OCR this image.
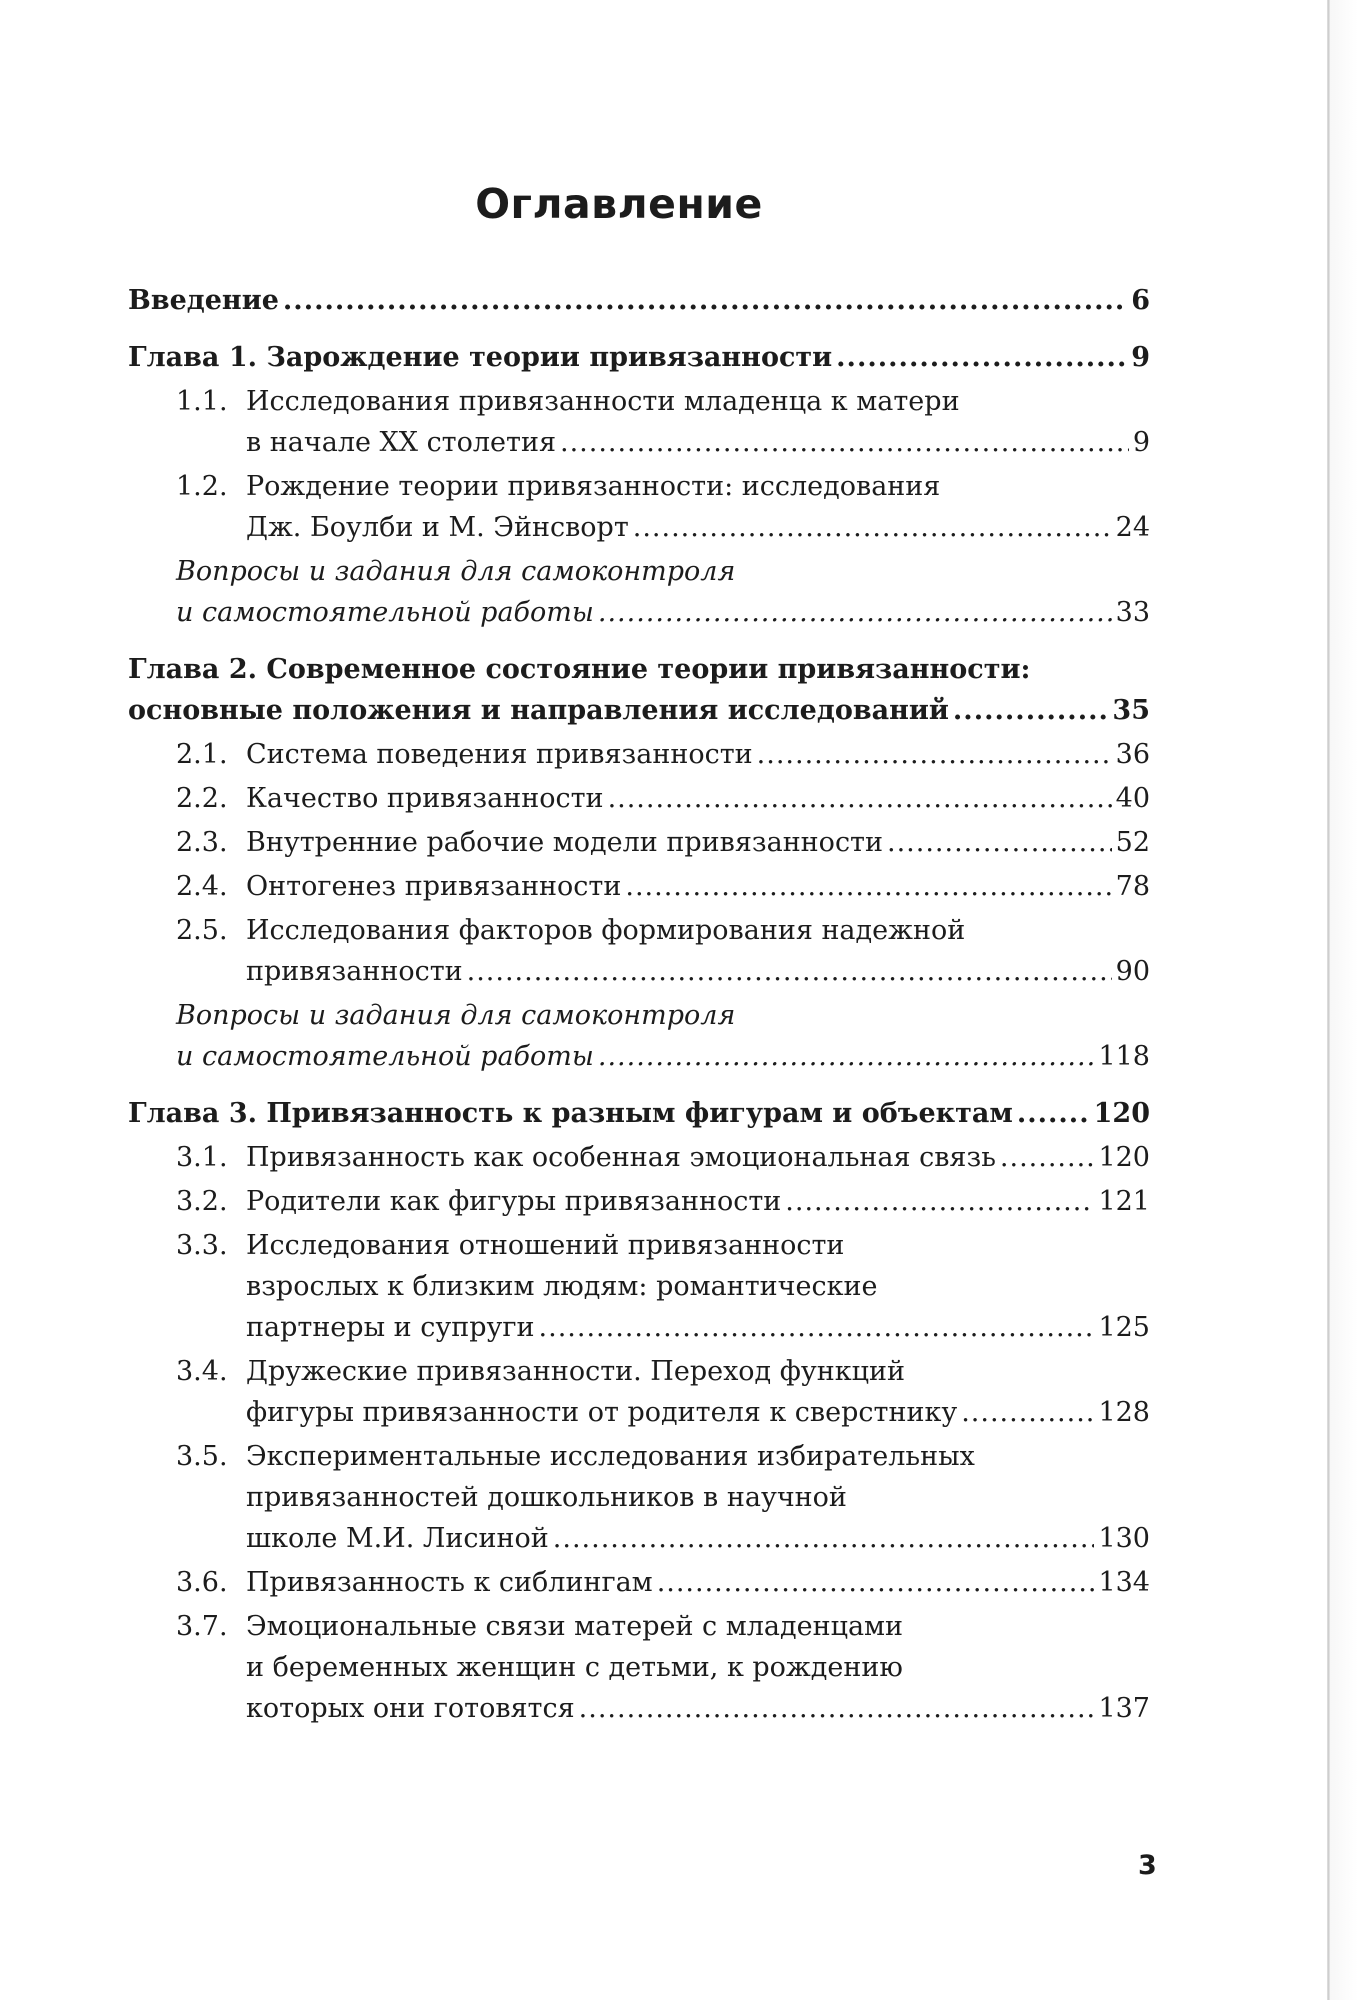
Оглавление
Введение .....	6
Глава 1. Зарождение теории привязанности .....	9
1.1. Исследования привязанности младенца к матери
в начале XX столетия .....	9
1.2. Рождение теории привязанности: исследования
Дж. Боулби и М. Эйнсворт .....	24
Вопросы и задания для самоконтроля
и самостоятельной работы .....	33
Глава 2. Современное состояние теории привязанности:
основные положения и направления исследований .....	35
2.1. Система поведения привязанности .....	36
2.2. Качество привязанности .....	40
2.3. Внутренние рабочие модели привязанности .....	52
2.4. Онтогенез привязанности .....	78
2.5. Исследования факторов формирования надежной
привязанности .....	90
Вопросы и задания для самоконтроля
и самостоятельной работы .....	118
Глава 3. Привязанность к разным фигурам и объектам .....	120
3.1. Привязанность как особенная эмоциональная связь .....	120
3.2. Родители как фигуры привязанности .....	121
3.3. Исследования отношений привязанности
взрослых к близким людям: романтические
партнеры и супруги .....	125
3.4. Дружеские привязанности. Переход функций
фигуры привязанности от родителя к сверстнику .....	128
3.5. Экспериментальные исследования избирательных
привязанностей дошкольников в научной
школе М.И. Лисиной .....	130
3.6. Привязанность к сиблингам .....	134
3.7. Эмоциональные связи матерей с младенцами
и беременных женщин с детьми, к рождению
которых они готовятся .....	137
3
